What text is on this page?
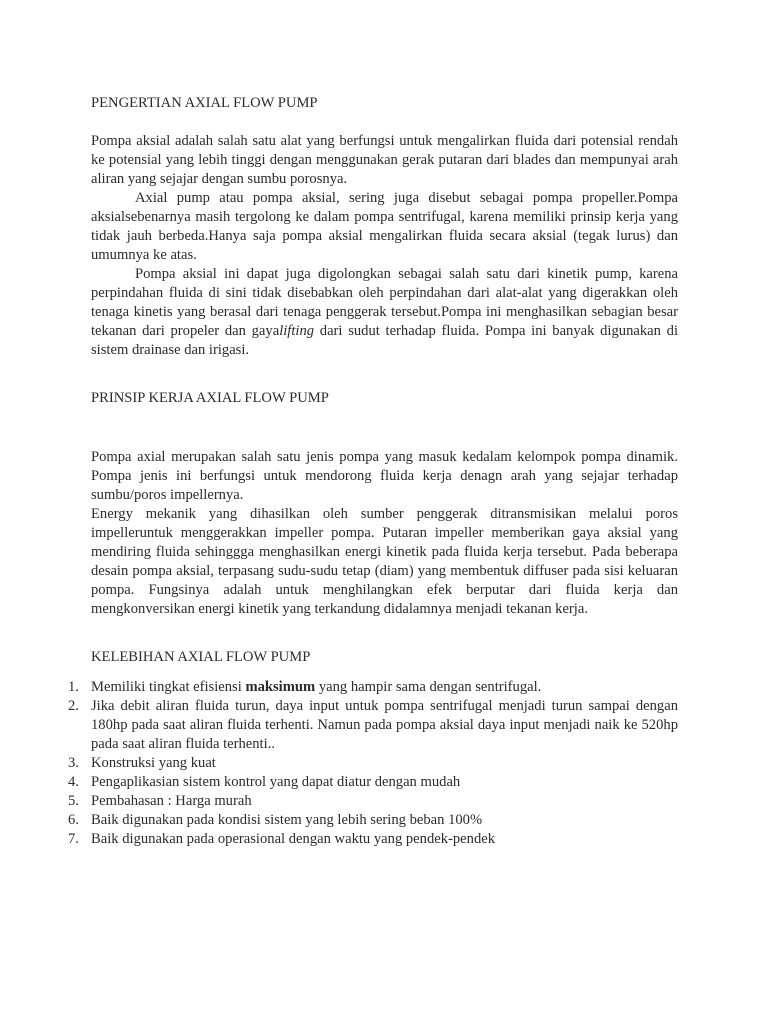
PENGERTIAN AXIAL FLOW PUMP

Pompa aksial adalah salah satu alat yang berfungsi untuk mengalirkan fluida dari potensial rendah ke potensial yang lebih tinggi dengan menggunakan gerak putaran dari blades dan mempunyai arah aliran yang sejajar dengan sumbu porosnya.

Axial pump atau pompa aksial, sering juga disebut sebagai pompa propeller.Pompa aksialsebenarnya masih tergolong ke dalam pompa sentrifugal, karena memiliki prinsip kerja yang tidak jauh berbeda.Hanya saja pompa aksial mengalirkan fluida secara aksial (tegak lurus) dan umumnya ke atas.

Pompa aksial ini dapat juga digolongkan sebagai salah satu dari kinetik pump, karena perpindahan fluida di sini tidak disebabkan oleh perpindahan dari alat-alat yang digerakkan oleh tenaga kinetis yang berasal dari tenaga penggerak tersebut.Pompa ini menghasilkan sebagian besar tekanan dari propeler dan gayalifting dari sudut terhadap fluida. Pompa ini banyak digunakan di sistem drainase dan irigasi.

PRINSIP KERJA AXIAL FLOW PUMP

Pompa axial merupakan salah satu jenis pompa yang masuk kedalam kelompok pompa dinamik. Pompa jenis ini berfungsi untuk mendorong fluida kerja denagn arah yang sejajar terhadap sumbu/poros impellernya.

Energy mekanik yang dihasilkan oleh sumber penggerak ditransmisikan melalui poros impelleruntuk menggerakkan impeller pompa. Putaran impeller memberikan gaya aksial yang mendiring fluida sehinggga menghasilkan energi kinetik pada fluida kerja tersebut. Pada beberapa desain pompa aksial, terpasang sudu-sudu tetap (diam) yang membentuk diffuser pada sisi keluaran pompa. Fungsinya adalah untuk menghilangkan efek berputar dari fluida kerja dan mengkonversikan energi kinetik yang terkandung didalamnya menjadi tekanan kerja.

KELEBIHAN AXIAL FLOW PUMP
1. Memiliki tingkat efisiensi maksimum yang hampir sama dengan sentrifugal.
2. Jika debit aliran fluida turun, daya input untuk pompa sentrifugal menjadi turun sampai dengan 180hp pada saat aliran fluida terhenti. Namun pada pompa aksial daya input menjadi naik ke 520hp pada saat aliran fluida terhenti..
3. Konstruksi yang kuat
4. Pengaplikasian sistem kontrol yang dapat diatur dengan mudah
5. Pembahasan : Harga murah
6. Baik digunakan pada kondisi sistem yang lebih sering beban 100%
7. Baik digunakan pada operasional dengan waktu yang pendek-pendek
